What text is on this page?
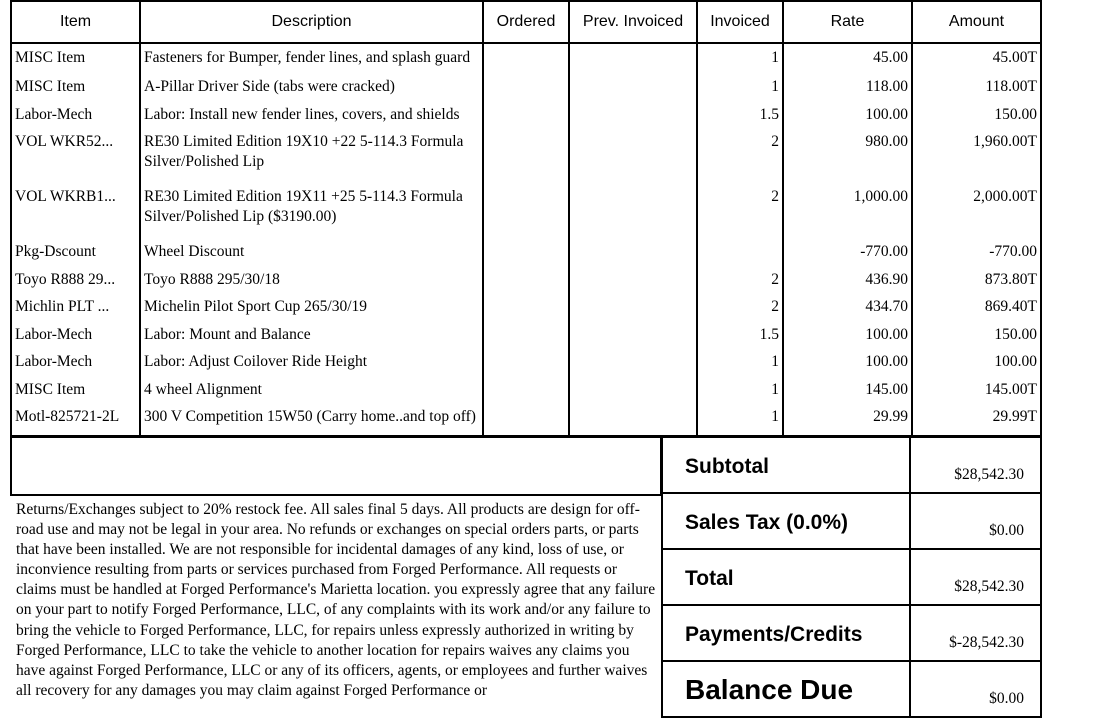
Item	Description	Ordered	Prev. Invoiced	Invoiced	Rate	Amount
MISC Item	Fasteners for Bumper, fender lines, and splash guard			1	45.00	45.00T
MISC Item	A-Pillar Driver Side (tabs were cracked)			1	118.00	118.00T
Labor-Mech	Labor: Install new fender lines, covers, and shields			1.5	100.00	150.00
VOL WKR52...	RE30 Limited Edition 19X10 +22 5-114.3 Formula Silver/Polished Lip			2	980.00	1,960.00T
VOL WKRB1...	RE30 Limited Edition 19X11 +25 5-114.3 Formula Silver/Polished Lip ($3190.00)			2	1,000.00	2,000.00T
Pkg-Dscount	Wheel Discount				-770.00	-770.00
Toyo R888 29...	Toyo R888 295/30/18			2	436.90	873.80T
Michlin PLT ...	Michelin Pilot Sport Cup 265/30/19			2	434.70	869.40T
Labor-Mech	Labor: Mount and Balance			1.5	100.00	150.00
Labor-Mech	Labor: Adjust Coilover Ride Height			1	100.00	100.00
MISC Item	4 wheel Alignment			1	145.00	145.00T
Motl-825721-2L	300 V Competition 15W50 (Carry home..and top off)			1	29.99	29.99T

Returns/Exchanges subject to 20% restock fee. All sales final 5 days. All products are design for off-road use and may not be legal in your area. No refunds or exchanges on special orders parts, or parts that have been installed. We are not responsible for incidental damages of any kind, loss of use, or inconvience resulting from parts or services purchased from Forged Performance. All requests or claims must be handled at Forged Performance's Marietta location. you expressly agree that any failure on your part to notify Forged Performance, LLC, of any complaints with its work and/or any failure to bring the vehicle to Forged Performance, LLC, for repairs unless expressly authorized in writing by Forged Performance, LLC to take the vehicle to another location for repairs waives any claims you have against Forged Performance, LLC or any of its officers, agents, or employees and further waives all recovery for any damages you may claim against Forged Performance or

Subtotal	$28,542.30
Sales Tax (0.0%)	$0.00
Total	$28,542.30
Payments/Credits	$-28,542.30
Balance Due	$0.00
